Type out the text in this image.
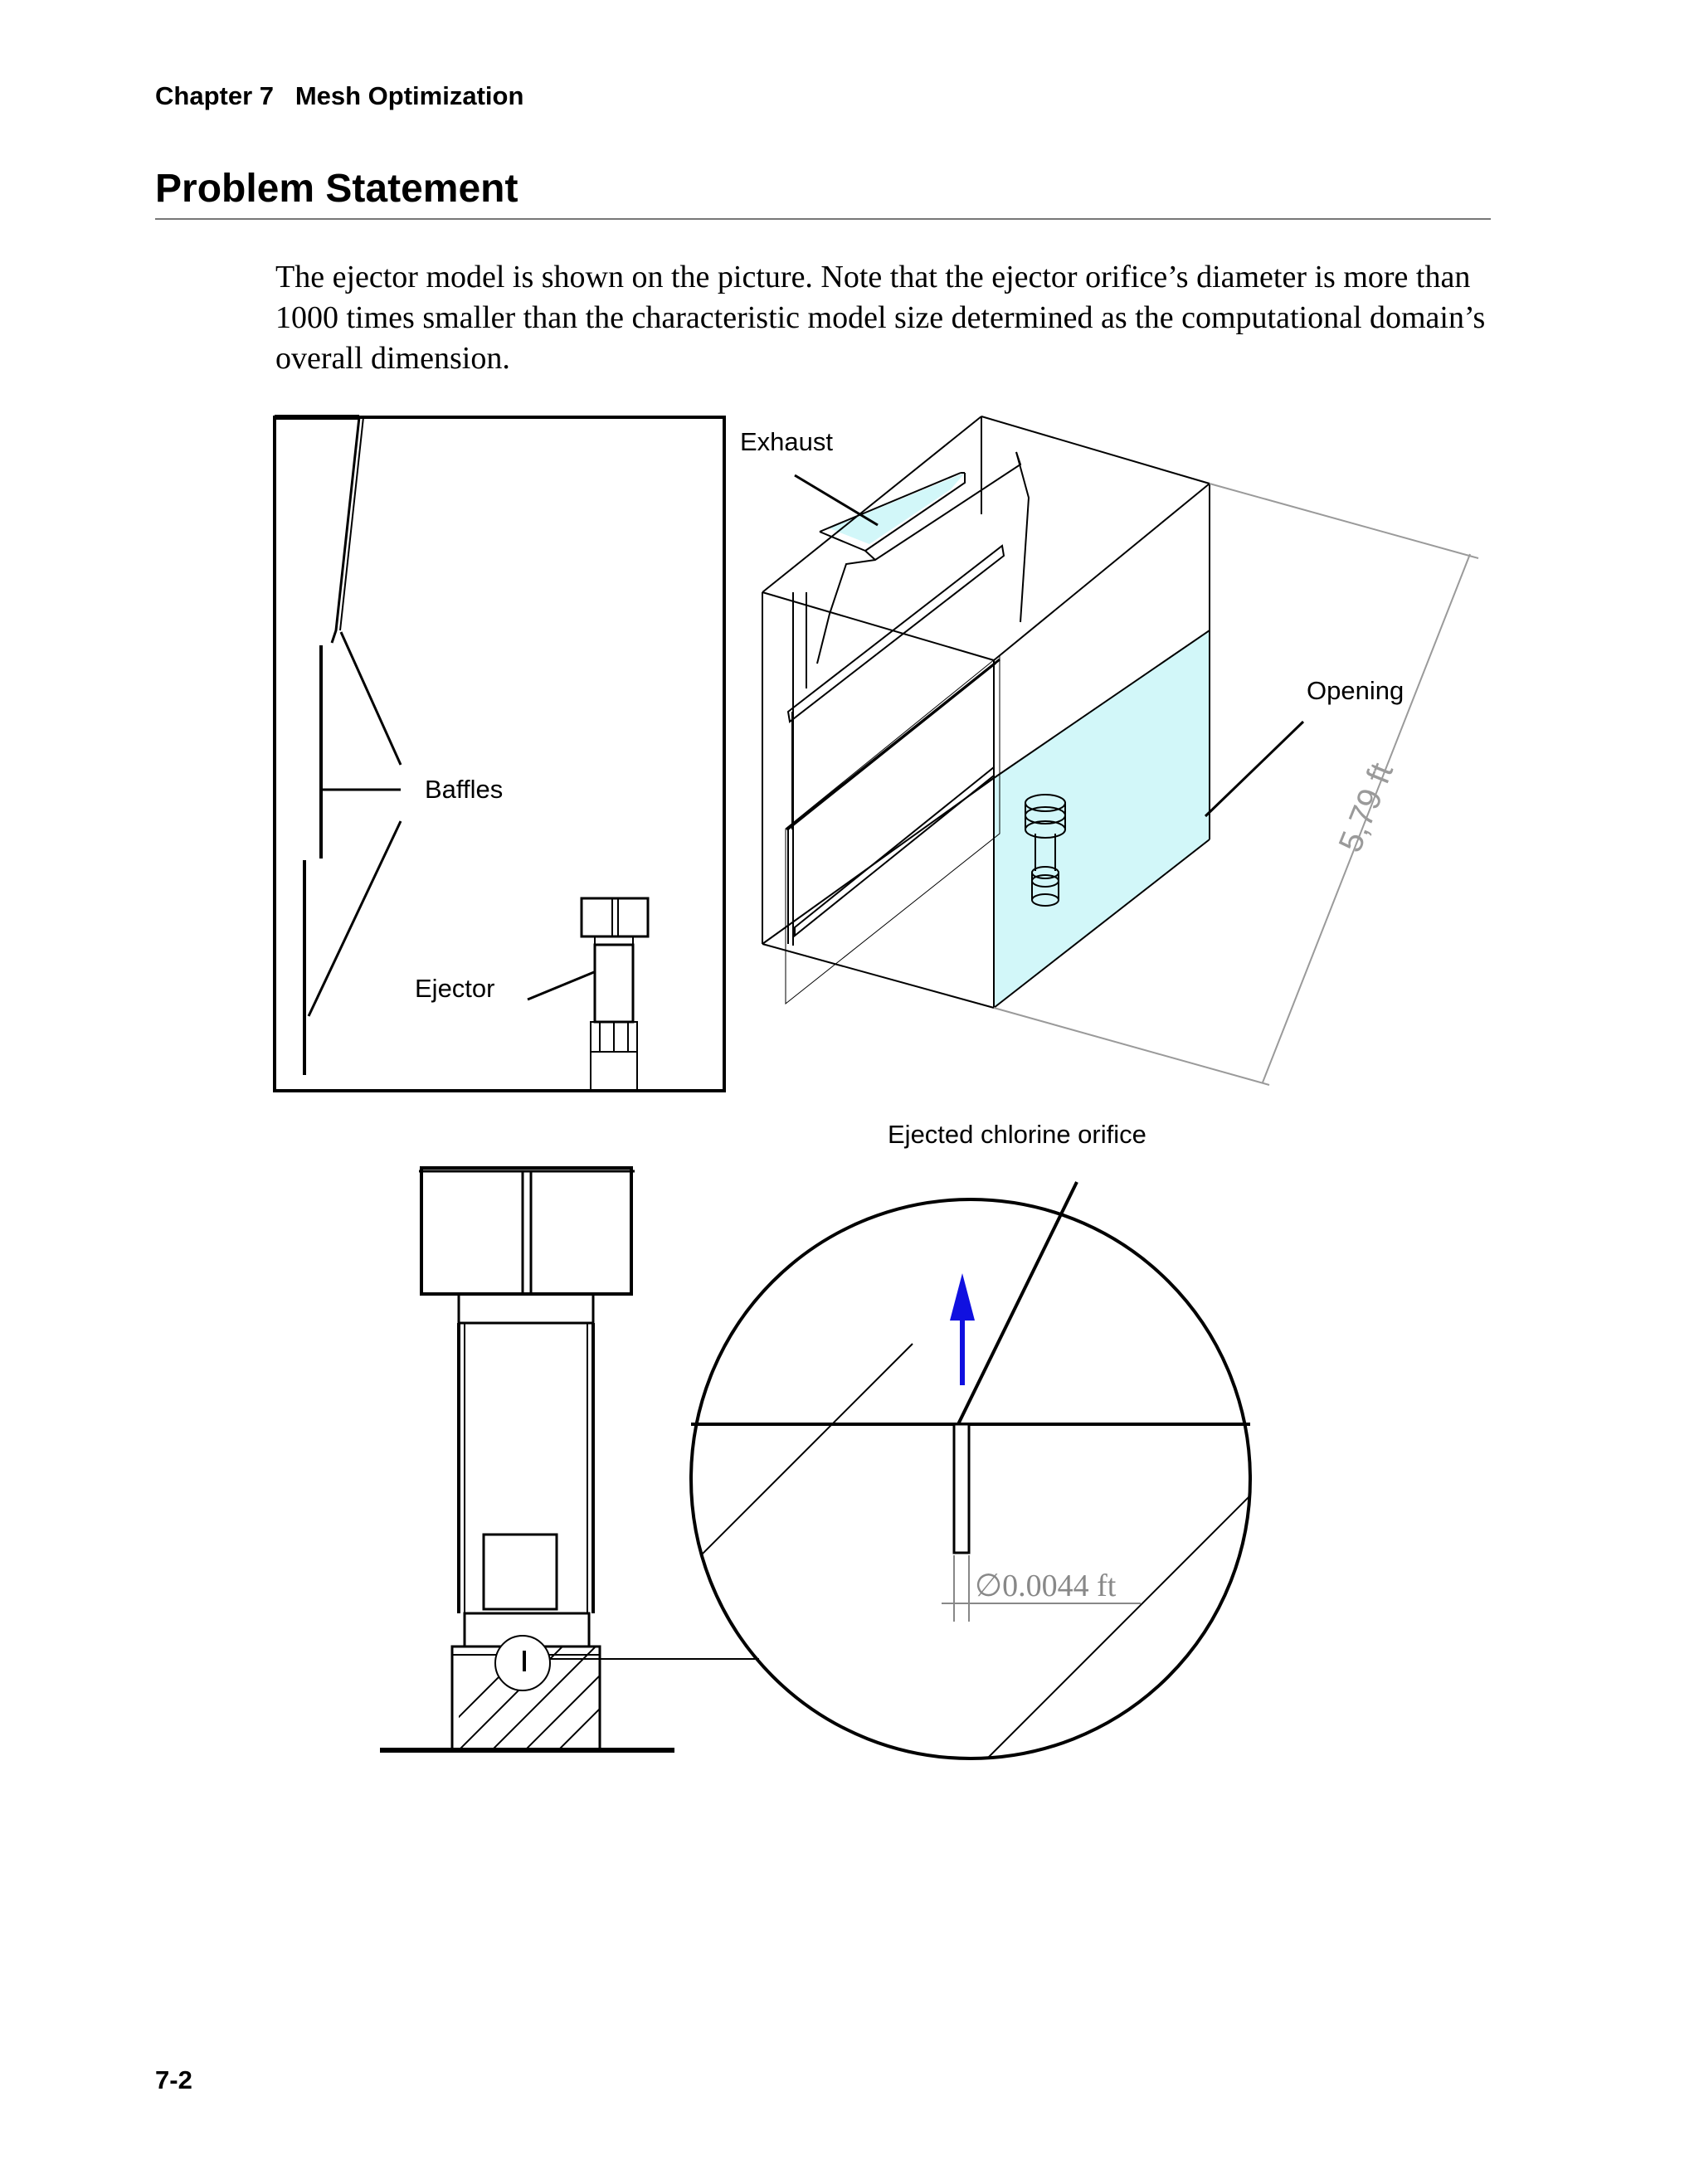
Chapter 7   Mesh Optimization
Problem Statement

The ejector model is shown on the picture. Note that the ejector orifice’s diameter is more than 1000 times smaller than the characteristic model size determined as the computational domain’s overall dimension.

Baffles
Ejector
Exhaust
Opening
5,79 ft
∅0.0044 ft
Ejected chlorine orifice
7-2
